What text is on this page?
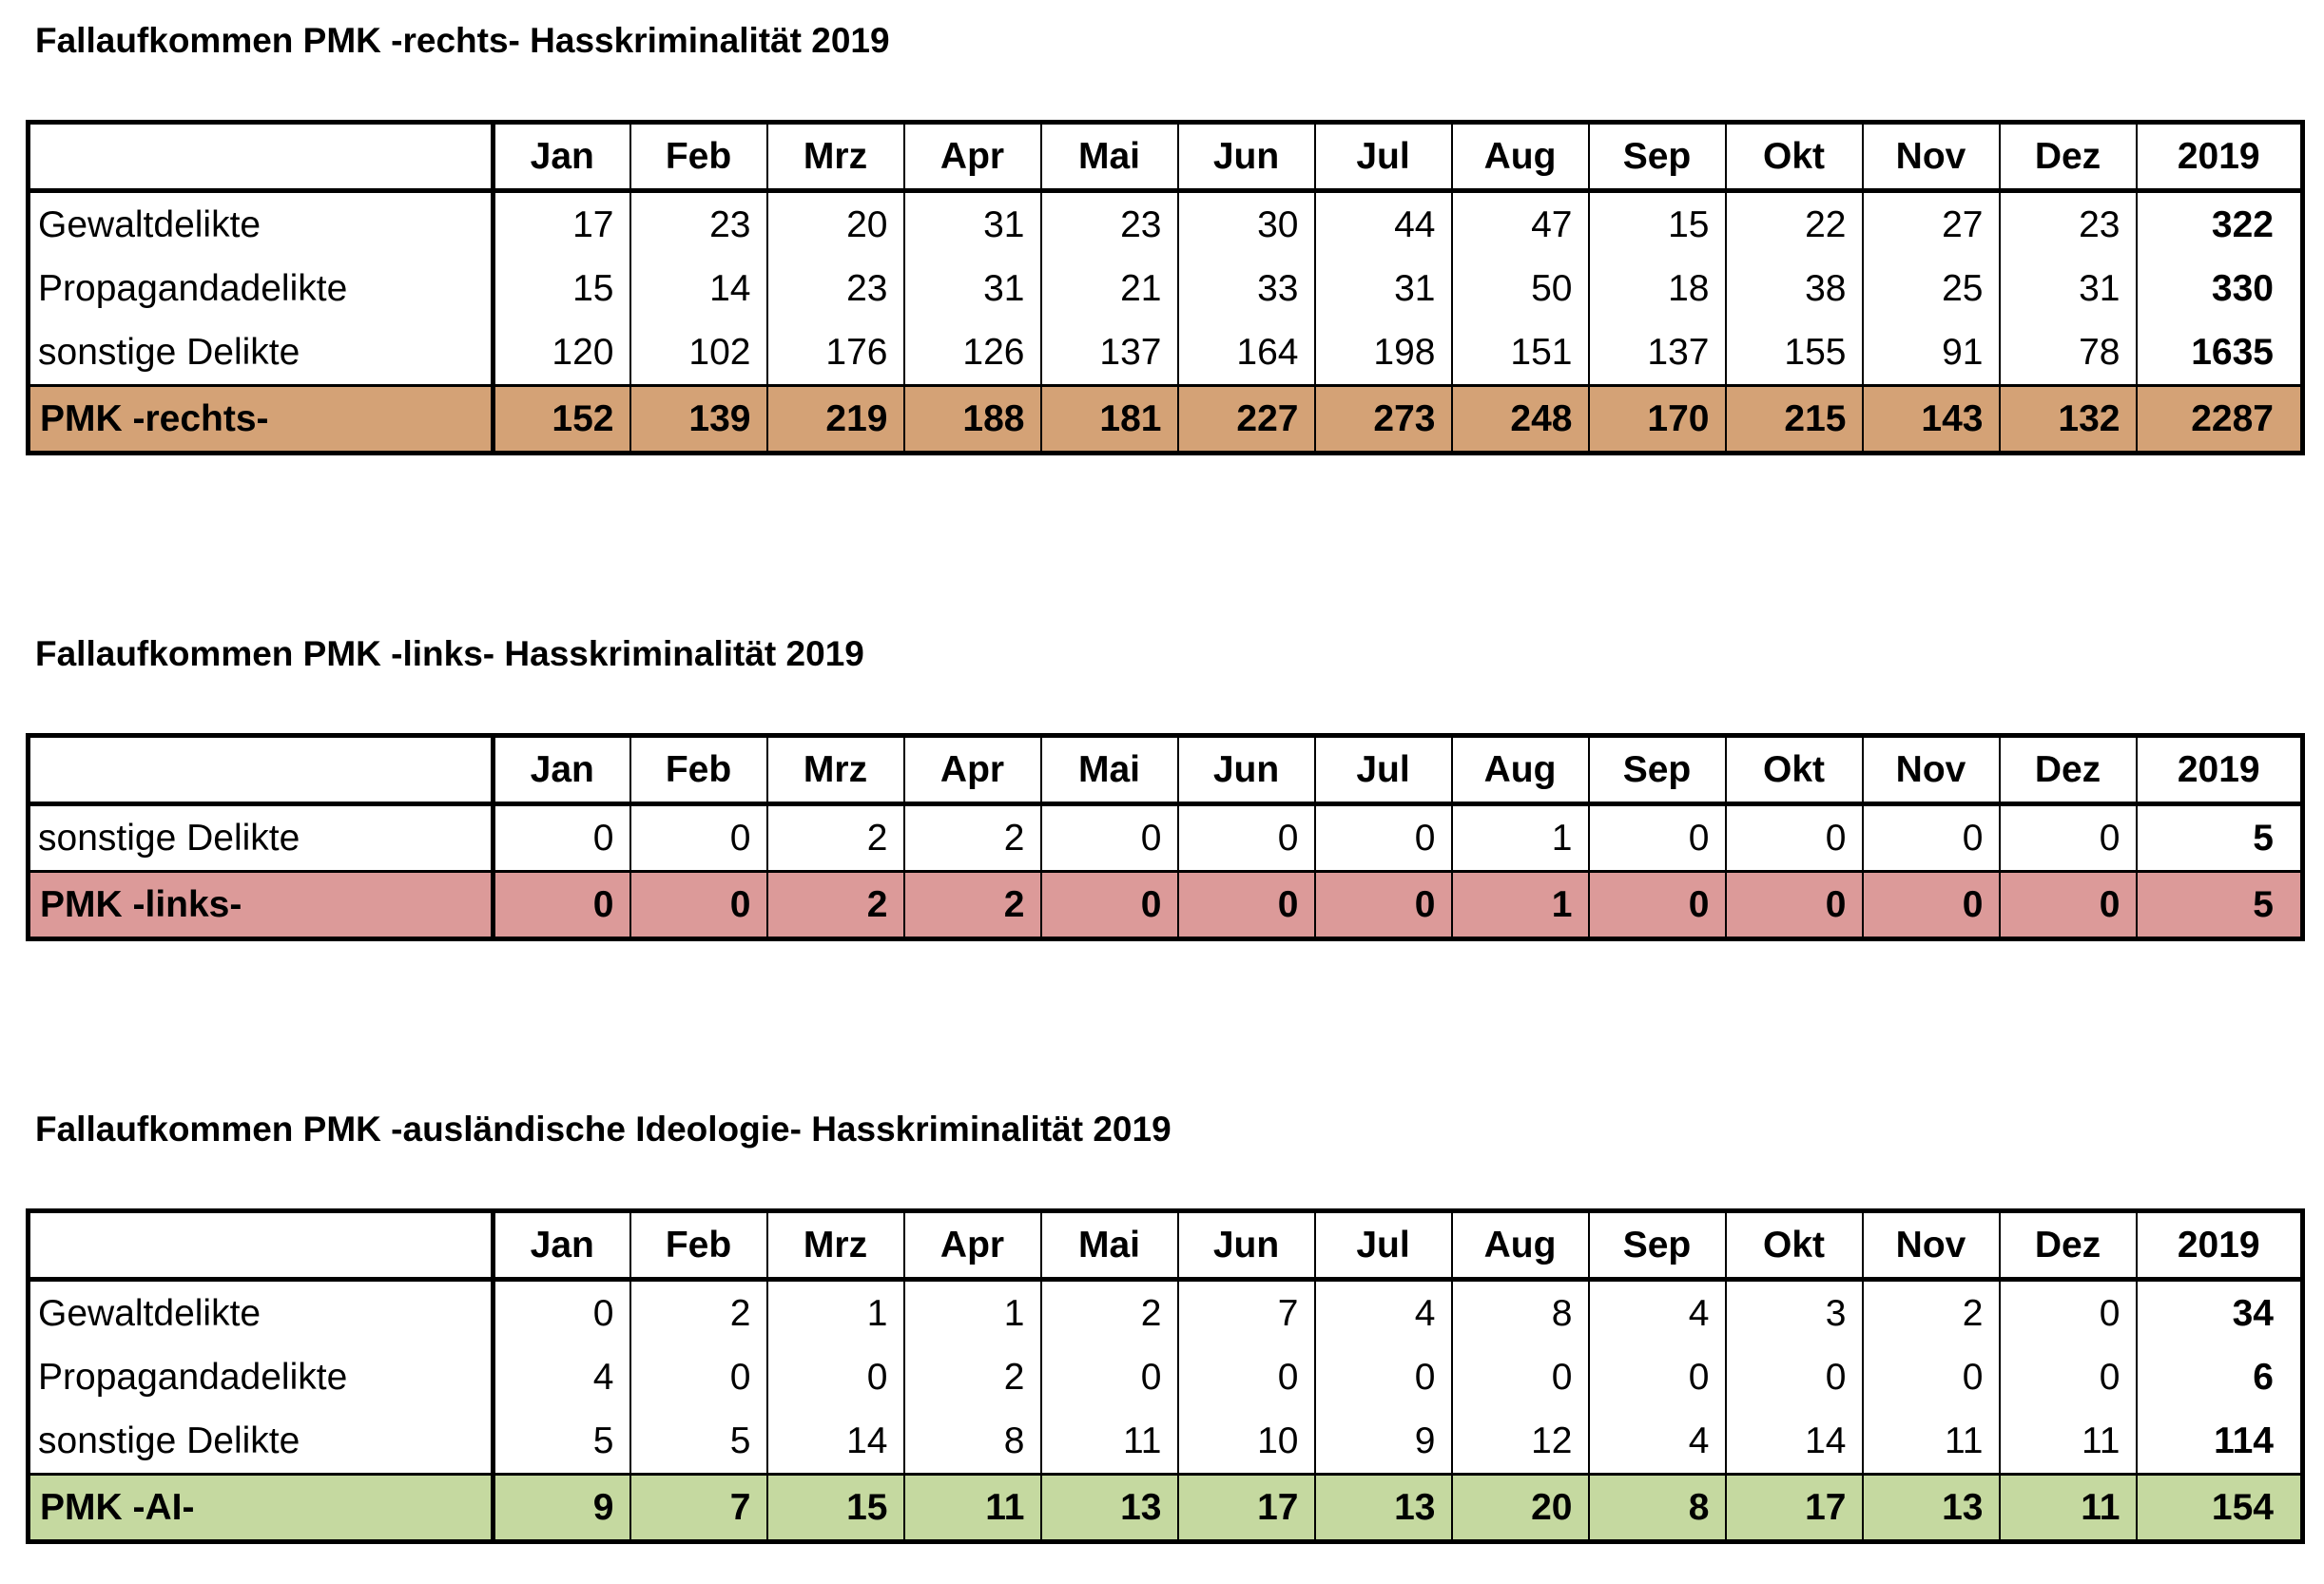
Fallaufkommen PMK -rechts- Hasskriminalität 2019
	Jan	Feb	Mrz	Apr	Mai	Jun	Jul	Aug	Sep	Okt	Nov	Dez	2019
Gewaltdelikte	17	23	20	31	23	30	44	47	15	22	27	23	322
Propagandadelikte	15	14	23	31	21	33	31	50	18	38	25	31	330
sonstige Delikte	120	102	176	126	137	164	198	151	137	155	91	78	1635
PMK -rechts-	152	139	219	188	181	227	273	248	170	215	143	132	2287
Fallaufkommen PMK -links- Hasskriminalität 2019
	Jan	Feb	Mrz	Apr	Mai	Jun	Jul	Aug	Sep	Okt	Nov	Dez	2019
sonstige Delikte	0	0	2	2	0	0	0	1	0	0	0	0	5
PMK -links-	0	0	2	2	0	0	0	1	0	0	0	0	5
Fallaufkommen PMK -ausländische Ideologie- Hasskriminalität 2019
	Jan	Feb	Mrz	Apr	Mai	Jun	Jul	Aug	Sep	Okt	Nov	Dez	2019
Gewaltdelikte	0	2	1	1	2	7	4	8	4	3	2	0	34
Propagandadelikte	4	0	0	2	0	0	0	0	0	0	0	0	6
sonstige Delikte	5	5	14	8	11	10	9	12	4	14	11	11	114
PMK -AI-	9	7	15	11	13	17	13	20	8	17	13	11	154
